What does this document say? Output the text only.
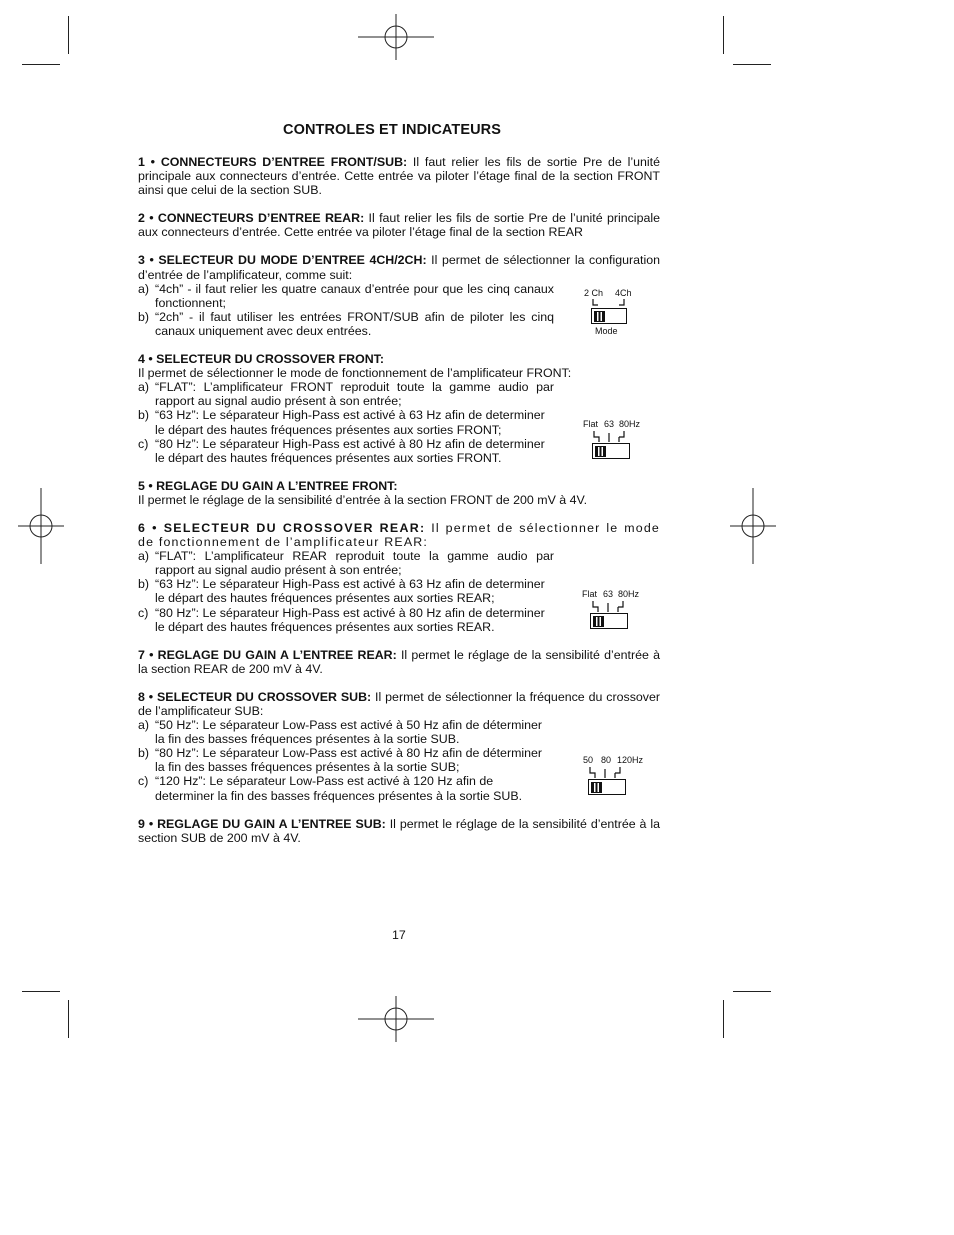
CONTROLES ET INDICATEURS

1 • CONNECTEURS D’ENTREE FRONT/SUB: Il faut relier les fils de sortie Pre de l’unité principale aux connecteurs d’entrée. Cette entrée va piloter l’étage final de la section FRONT ainsi que celui de la section SUB.

2 • CONNECTEURS D’ENTREE REAR: Il faut relier les fils de sortie Pre de l’unité principale aux connecteurs d’entrée. Cette entrée va piloter l’étage final de la section REAR

3 • SELECTEUR DU MODE D’ENTREE 4CH/2CH: Il permet de sélectionner la configuration d’entrée de l’amplificateur, comme suit:

a) “4ch” - il faut relier les quatre canaux d’entrée pour que les cinq canaux fonctionnent;
b) “2ch” - il faut utiliser les entrées FRONT/SUB afin de piloter les cinq canaux uniquement avec deux entrées.

4 • SELECTEUR DU CROSSOVER FRONT:

Il permet de sélectionner le mode de fonctionnement de l’amplificateur FRONT:

a) “FLAT”: L’amplificateur FRONT reproduit toute la gamme audio par rapport au signal audio présent à son entrée;
b) “63 Hz”: Le séparateur High-Pass est activé à 63 Hz afin de determiner le départ des hautes fréquences présentes aux sorties FRONT;
c) “80 Hz”: Le séparateur High-Pass est activé à 80 Hz afin de determiner le départ des hautes fréquences présentes aux sorties FRONT.

5 • REGLAGE DU GAIN A L’ENTREE FRONT:

Il permet le réglage de la sensibilité d’entrée à la section FRONT de 200 mV à 4V.

6 • SELECTEUR DU CROSSOVER REAR: Il permet de sélectionner le mode de fonctionnement de l’amplificateur REAR:

a) “FLAT”: L’amplificateur REAR reproduit toute la gamme audio par rapport au signal audio présent à son entrée;
b) “63 Hz”: Le séparateur High-Pass est activé à 63 Hz afin de determiner le départ des hautes fréquences présentes aux sorties REAR;
c) “80 Hz”: Le séparateur High-Pass est activé à 80 Hz afin de determiner le départ des hautes fréquences présentes aux sorties REAR.

7 • REGLAGE DU GAIN A L’ENTREE REAR: Il permet le réglage de la sensibilité d’entrée à la section REAR de 200 mV à 4V.

8 • SELECTEUR DU CROSSOVER SUB: Il permet de sélectionner la fréquence du crossover de l’amplificateur SUB:

a) “50 Hz”: Le séparateur Low-Pass est activé à 50 Hz afin de déterminer la fin des basses fréquences présentes à la sortie SUB.
b) “80 Hz”: Le séparateur Low-Pass est activé à 80 Hz afin de déterminer la fin des basses fréquences présentes à la sortie SUB;
c) “120 Hz”: Le séparateur Low-Pass est activé à 120 Hz afin de determiner la fin des basses fréquences présentes à la sortie SUB.

9 • REGLAGE DU GAIN A L’ENTREE SUB: Il permet le réglage de la sensibilité d’entrée à la section SUB de 200 mV à 4V.

2 Ch 4Ch
Mode
Flat 63 80Hz
Flat 63 80Hz
50 80 120Hz
17
